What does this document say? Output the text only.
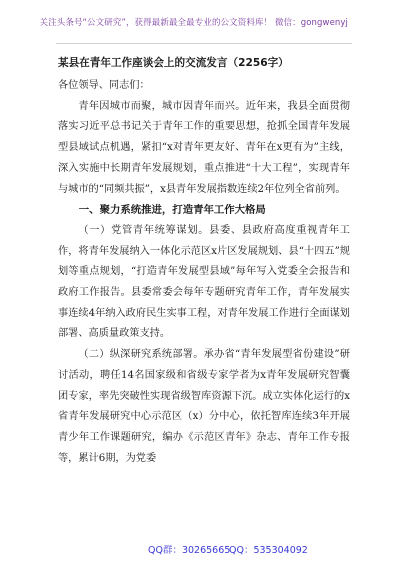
关注头条号“公文研究”，获得最新最全最专业的公文资料库！ 微信：gongwenyj

某县在青年工作座谈会上的交流发言（2256字）

各位领导、同志们：

青年因城市而聚，城市因青年而兴。近年来，我县全面贯彻落实习近平总书记关于青年工作的重要思想，抢抓全国青年发展型县域试点机遇，紧扣“x对青年更友好、青年在x更有为”主线，深入实施中长期青年发展规划，重点推进“十大工程”，实现青年与城市的“同频共振”，x县青年发展指数连续2年位列全省前列。

一、聚力系统推进，打造青年工作大格局

（一）党管青年统筹谋划。县委、县政府高度重视青年工作，将青年发展纳入一体化示范区x片区发展规划、县“十四五”规划等重点规划，“打造青年发展型县域”每年写入党委全会报告和政府工作报告。县委常委会每年专题研究青年工作，青年发展实事连续4年纳入政府民生实事工程，对青年发展工作进行全面谋划部署、高质量政策支持。

（二）纵深研究系统部署。承办省“青年发展型省份建设”研讨活动，聘任14名国家级和省级专家学者为x青年发展研究智囊团专家，率先突破性实现省级智库资源下沉。成立实体化运行的x省青年发展研究中心示范区（x）分中心，依托智库连续3年开展青少年工作课题研究，编办《示范区青年》杂志、青年工作专报等，累计6期，为党委

QQ群：30265665
QQ：535304092
